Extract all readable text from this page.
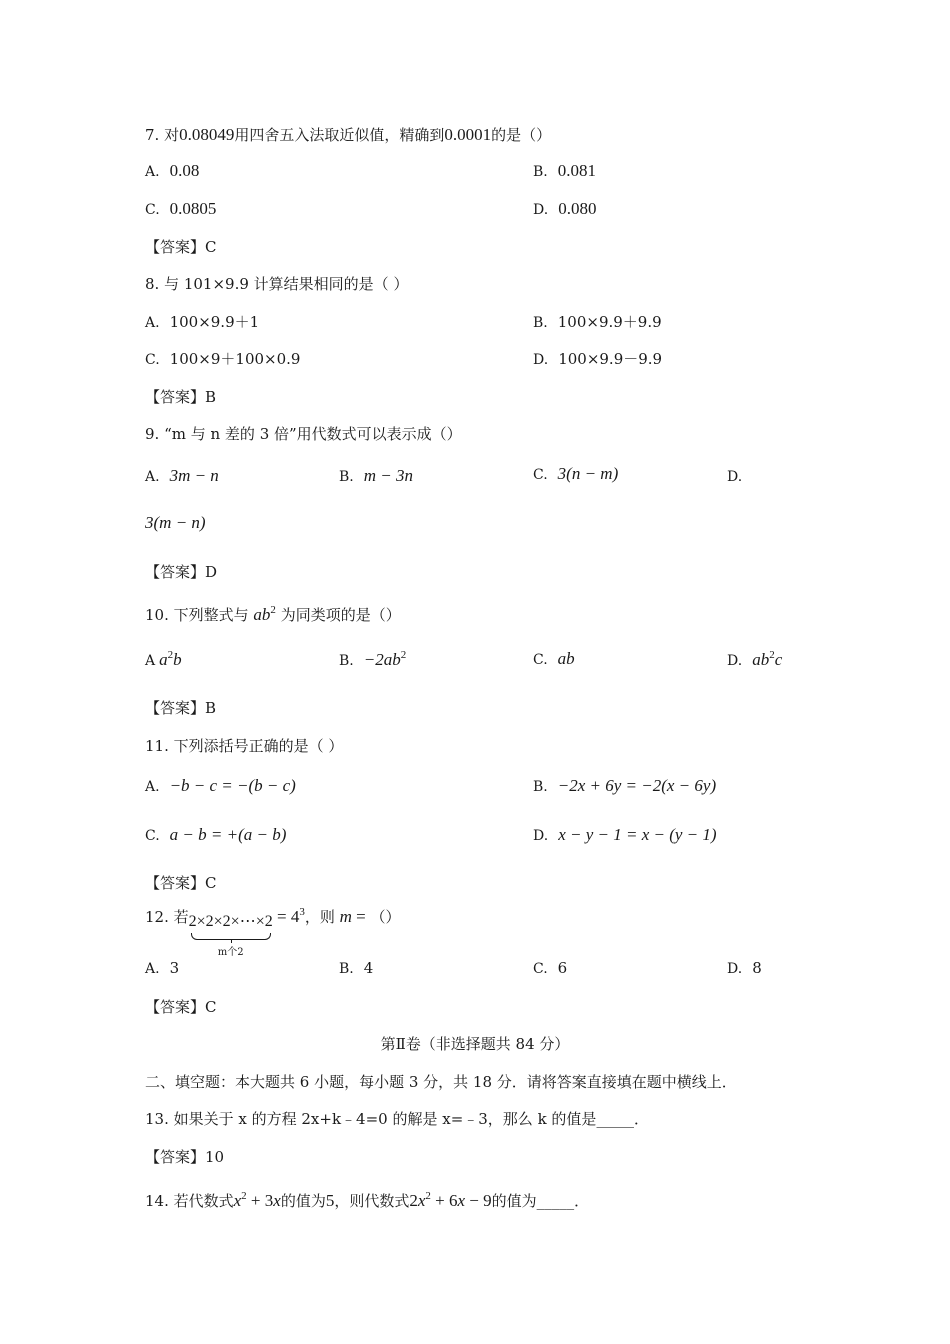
7. 对0.08049用四舍五入法取近似值，精确到0.0001的是（）
A. 0.08	B. 0.081
C. 0.0805	D. 0.080
【答案】C
8. 与 101×9.9 计算结果相同的是（ ）
A. 100×9.9＋1	B. 100×9.9＋9.9
C. 100×9＋100×0.9	D. 100×9.9－9.9
【答案】B
9. “m 与 n 差的 3 倍”用代数式可以表示成（）
A. 3m − n	B. m − 3n	C. 3(n − m)	D.
3(m − n)
【答案】D
10. 下列整式与 $ab^2$ 为同类项的是（）
A $a^2b$	B. $-2ab^2$	C. ab	D. $ab^2c$
【答案】B
11. 下列添括号正确的是（ ）
A. −b − c = −(b − c)	B. −2x + 6y = −2(x − 6y)
C. a − b = +(a − b)	D. x − y − 1 = x − (y − 1)
【答案】C
12. 若2×2×2×⋯×2
m个2
= $4^3$，则 m = （）
A. 3	B. 4	C. 6	D. 8
【答案】C
第Ⅱ卷（非选择题共 84 分）
二、填空题：本大题共 6 小题，每小题 3 分，共 18 分．请将答案直接填在题中横线上．
13. 如果关于 x 的方程 2x+k﹣4=0 的解是 x=﹣3，那么 k 的值是_____．
【答案】10
14. 若代数式$x^2 + 3x$的值为5，则代数式$2x^2 + 6x - 9$的值为_____．
